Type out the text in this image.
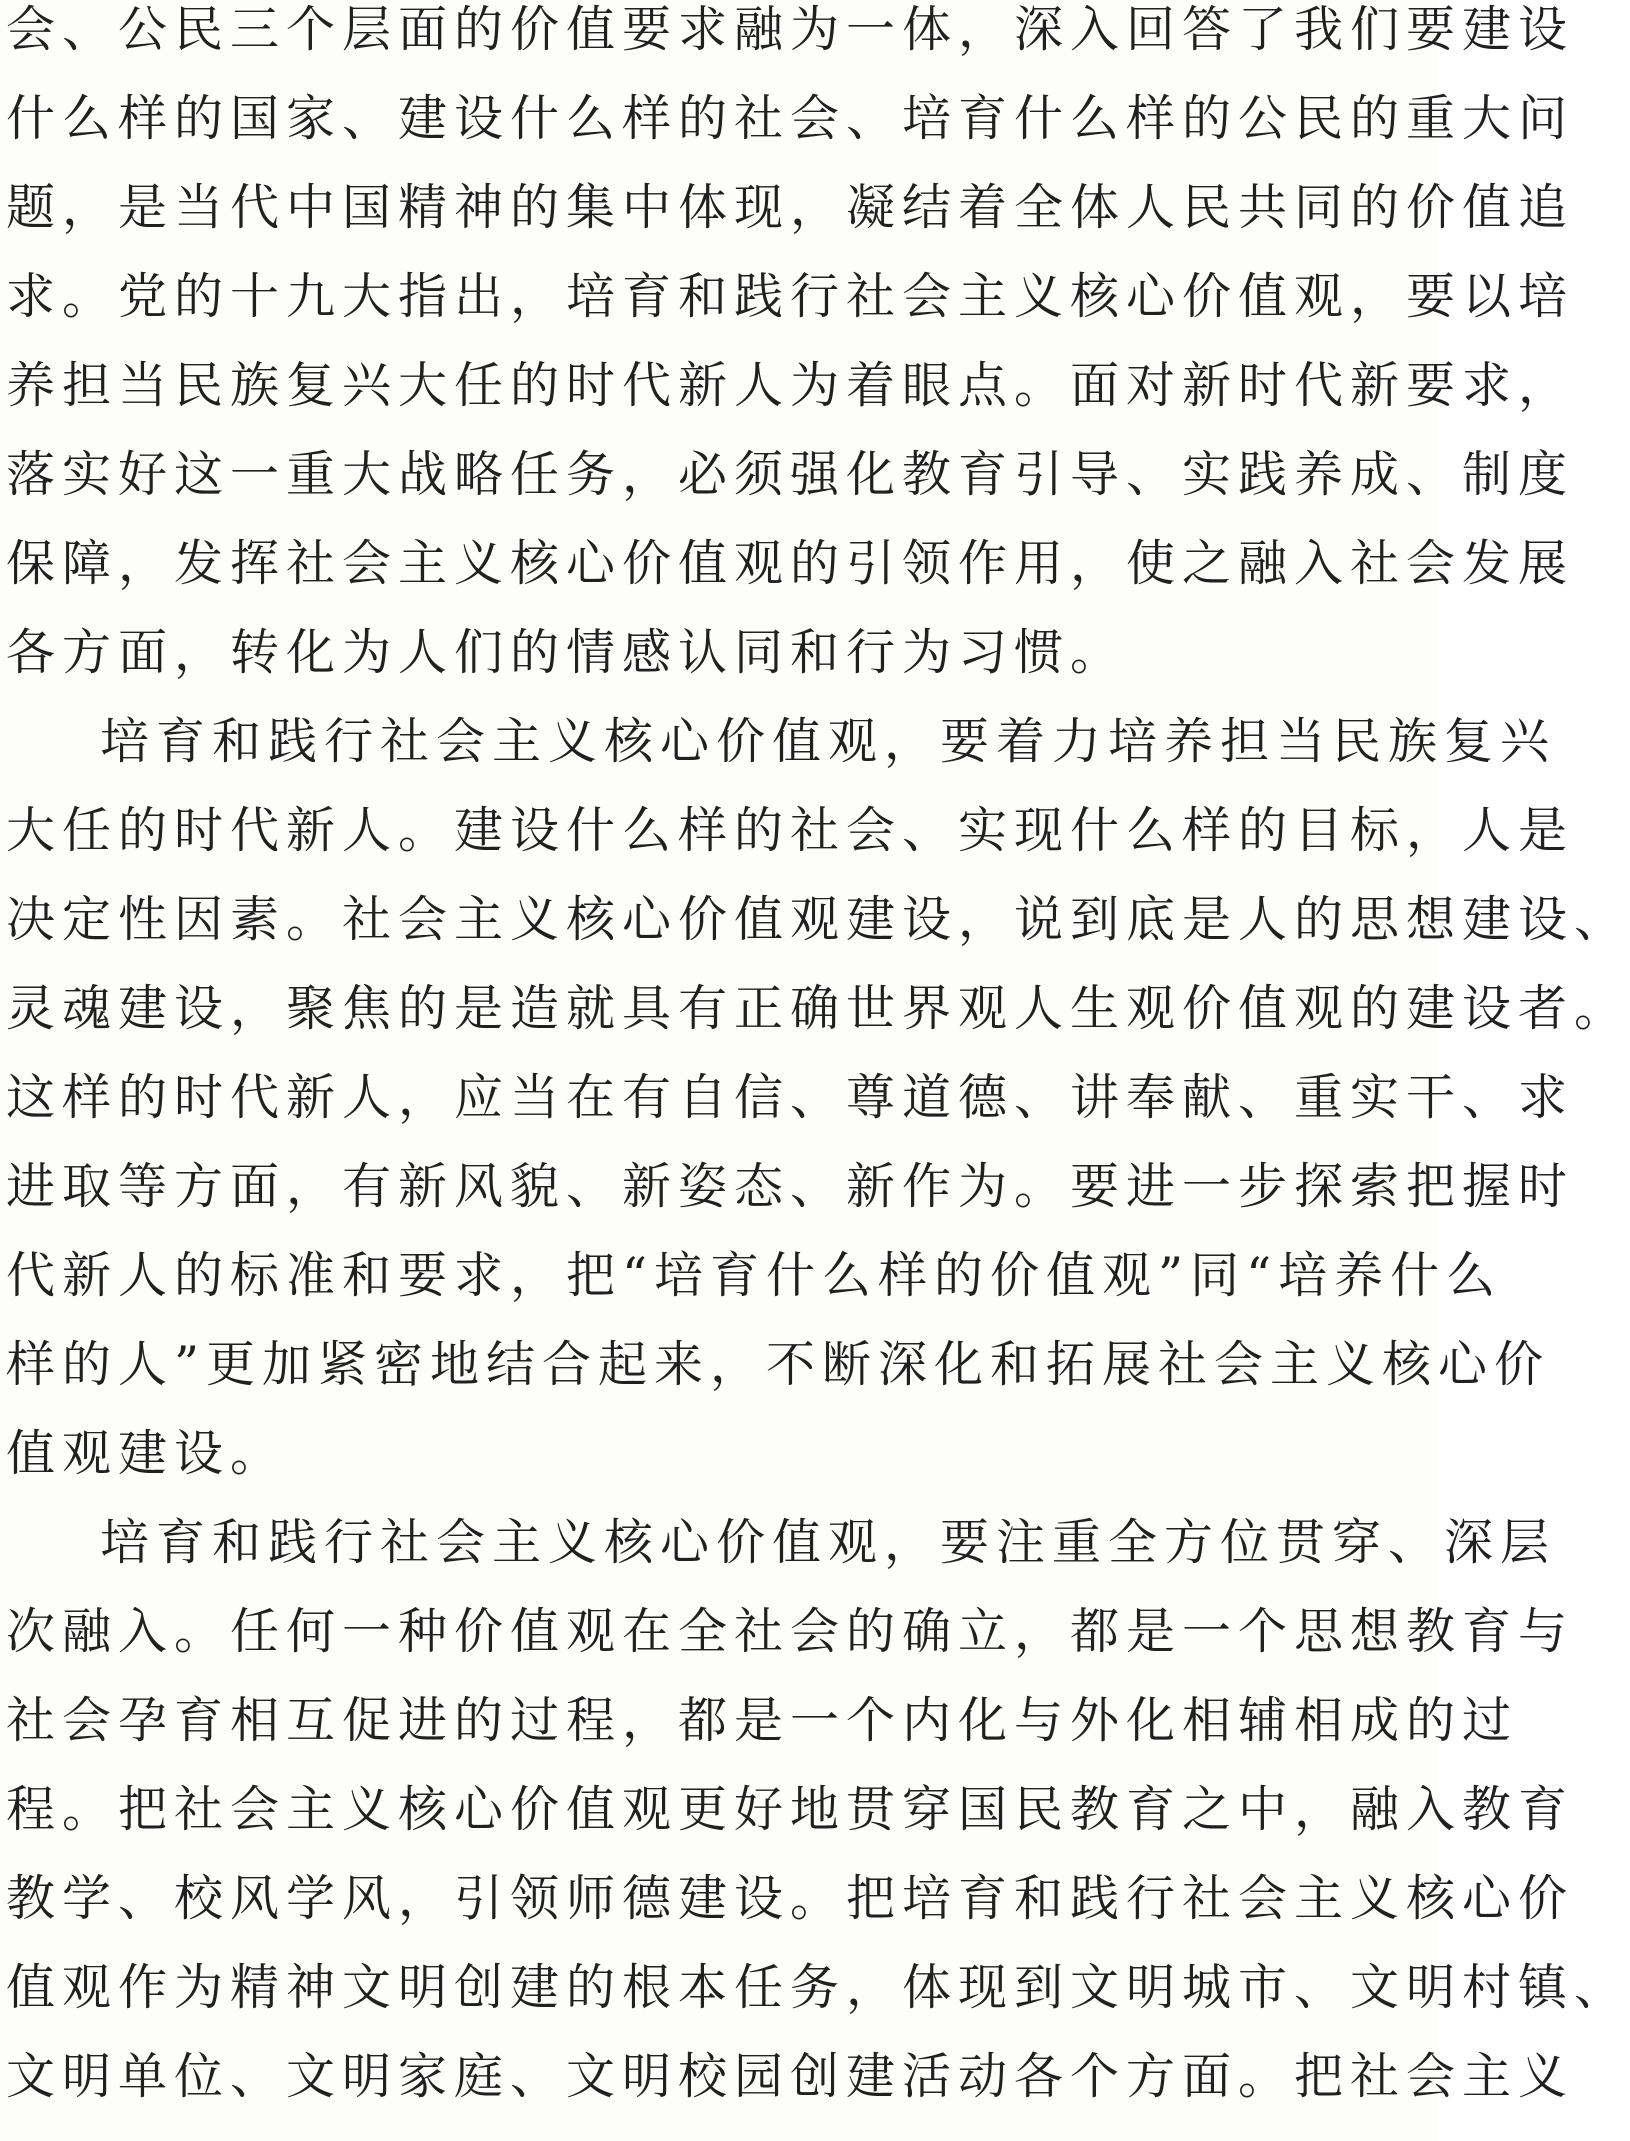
会、公民三个层面的价值要求融为一体，深入回答了我们要建设
什么样的国家、建设什么样的社会、培育什么样的公民的重大问
题，是当代中国精神的集中体现，凝结着全体人民共同的价值追
求。党的十九大指出，培育和践行社会主义核心价值观，要以培
养担当民族复兴大任的时代新人为着眼点。面对新时代新要求，
落实好这一重大战略任务，必须强化教育引导、实践养成、制度
保障，发挥社会主义核心价值观的引领作用，使之融入社会发展
各方面，转化为人们的情感认同和行为习惯。
培育和践行社会主义核心价值观，要着力培养担当民族复兴
大任的时代新人。建设什么样的社会、实现什么样的目标，人是
决定性因素。社会主义核心价值观建设，说到底是人的思想建设、
灵魂建设，聚焦的是造就具有正确世界观人生观价值观的建设者。
这样的时代新人，应当在有自信、尊道德、讲奉献、重实干、求
进取等方面，有新风貌、新姿态、新作为。要进一步探索把握时
代新人的标准和要求，把“培育什么样的价值观”同“培养什么
样的人”更加紧密地结合起来，不断深化和拓展社会主义核心价
值观建设。
培育和践行社会主义核心价值观，要注重全方位贯穿、深层
次融入。任何一种价值观在全社会的确立，都是一个思想教育与
社会孕育相互促进的过程，都是一个内化与外化相辅相成的过
程。把社会主义核心价值观更好地贯穿国民教育之中，融入教育
教学、校风学风，引领师德建设。把培育和践行社会主义核心价
值观作为精神文明创建的根本任务，体现到文明城市、文明村镇、
文明单位、文明家庭、文明校园创建活动各个方面。把社会主义
